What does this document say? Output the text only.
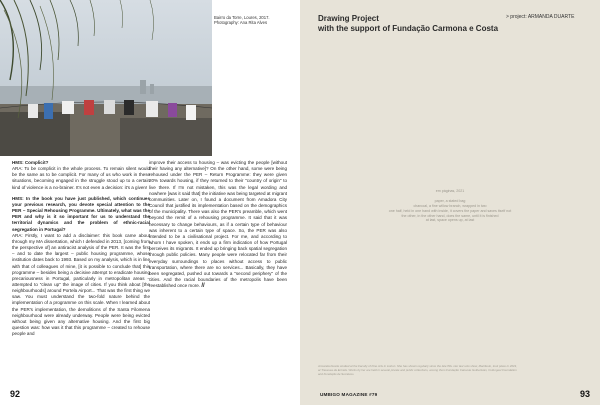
Bairro da Torre, Loures, 2017.
Photography: Ana Rita Alves

HMS: Complicit?

ARA: To be complicit in the whole process. To remain silent would be the same as to be complicit. For many of us who work in these situations, becoming engaged in the struggle stood up to a certain kind of violence is a no-brainer. It's not even a decision: it's a given!

HMS: In the book you have just published, which continues your previous research, you devote special attention to the PER – Special Rehousing Programme. Ultimately, what was the PER and why is it so important for us to understand the territorial dynamics and the problem of ethnic-racial segregation in Portugal?

ARA: Firstly, I want to add a disclaimer: this book came about through my MA dissertation, which I defended in 2013, [coming from the perspective of] an antiracist analysis of the PER. It was the first – and to date the largest – public housing programme, whose institution dates back to 1993. Based on my analysis, which is in line with that of colleagues of mine, [it is possible to conclude that] this programme – besides being a decisive attempt to eradicate housing precariousness in Portugal, particularly in metropolitan areas – attempted to "clean up" the image of cities. If you think about [the neighbourhoods] around Portela Airport... That was the first thing we saw. You must understand the two-fold nature behind the implementation of a programme on this scale. When I learned about the PER's implementation, the demolitions of the Santa Filomena neighbourhood were already underway. People were being evicted without being given any alternative housing. And the first big question was: how was it that this programme – created to rehouse people and

improve their access to housing – was evicting the people [without their having any alternative]? On the other hand, some were being rehoused under the PER – Return Programme: they were given 20% towards housing, if they returned to their "country of origin" to live there. If I'm not mistaken, this was the legal wording and nowhere [was it said that] the initiative was being targeted at migrant communities. Later on, I found a document from Amadora City Council that justified its implementation based on the demographics of the municipality. There was also the PER's preamble, which went beyond the remit of a rehousing programme. It said that it was necessary to change behaviours, as if a certain type of behaviour was inherent to a certain type of space. So, the PER was also intended to be a civilisational project. For me, and according to whom I have spoken, it ends up a firm indication of how Portugal perceives its migrants. It ended up bringing back spatial segregation through public policies. Many people were relocated far from their everyday surroundings to places without access to public transportation, where there are no services... Basically, they have been segregated, pushed out towards a "second periphery" of the cities. And the racial boundaries of the metropolis have been reestablished once more. //

92
Drawing Project
with the support of Fundação Carmona e Costa
> project: ARMANDA DUARTE
em páginas, 2021

paper, a stated bag
charcoal, a fine willow branch, wrapped in two
one half, held in one hand with inside, it covers the paper and saves itself not
the other, in the other hand, does the same, until it is finished
at last, space opens up, at last
Armanda Duarte studied at the Faculty of Fine Arts in Lisbon. She has shown regularly since the late 80s. Her last solo show, Manifesto, took place in 2019, at Travessa da Ermida. Works by her are held in several private and public collections, among them Fundação Calouste Gulbenkian, Culturgest Foundation and Fundação de Serralves.
UMBIGO MAGAZINE #79	93
